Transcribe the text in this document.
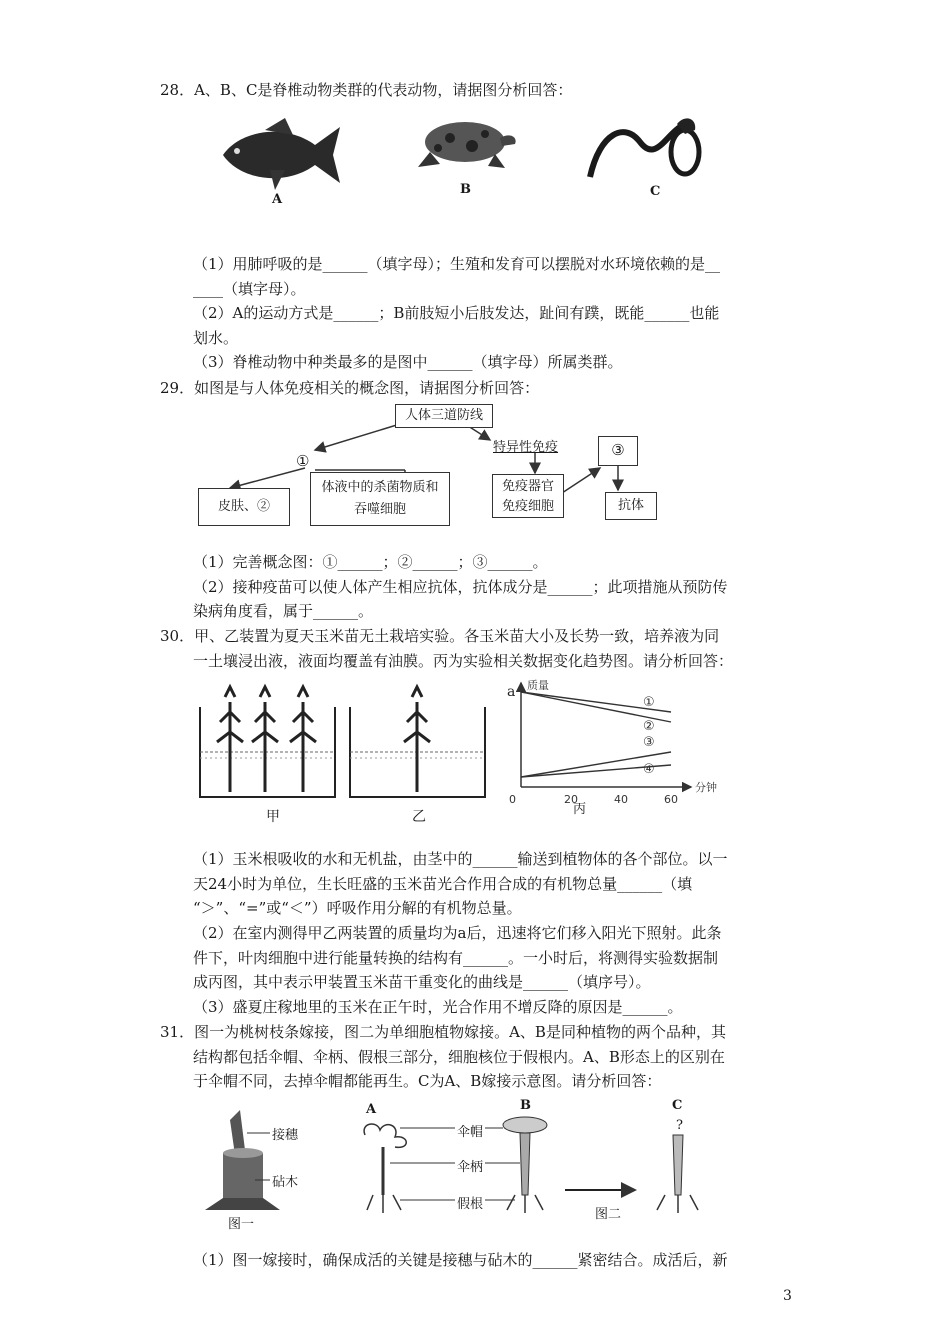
28．A、B、C是脊椎动物类群的代表动物，请据图分析回答：
A
B	C
（1）用肺呼吸的是______（填字母）；生殖和发育可以摆脱对水环境依赖的是__
____（填字母）。
（2）A的运动方式是______；B前肢短小后肢发达，趾间有蹼，既能______也能
划水。
（3）脊椎动物中种类最多的是图中______（填字母）所属类群。
29．如图是与人体免疫相关的概念图，请据图分析回答：
人体三道防线
特异性免疫
①
皮肤、②
体液中的杀菌物质和
吞噬细胞
免疫器官
免疫细胞
③
抗体
（1）完善概念图：①______；②______；③______。
（2）接种疫苗可以使人体产生相应抗体，抗体成分是______；此项措施从预防传
染病角度看，属于______。
30．甲、乙装置为夏天玉米苗无土栽培实验。各玉米苗大小及长势一致，培养液为同
一土壤浸出液，液面均覆盖有油膜。丙为实验相关数据变化趋势图。请分析回答：
甲	乙
质量
分钟
a
0	20	40	60
丙
①
②
③
④
（1）玉米根吸收的水和无机盐，由茎中的______输送到植物体的各个部位。以一
天24小时为单位，生长旺盛的玉米苗光合作用合成的有机物总量______（填
“＞”、“=”或“＜”）呼吸作用分解的有机物总量。
（2）在室内测得甲乙两装置的质量均为a后，迅速将它们移入阳光下照射。此条
件下，叶肉细胞中进行能量转换的结构有______。一小时后，将测得实验数据制
成丙图，其中表示甲装置玉米苗干重变化的曲线是______（填序号）。
（3）盛夏庄稼地里的玉米在正午时，光合作用不增反降的原因是______。
31．图一为桃树枝条嫁接，图二为单细胞植物嫁接。A、B是同种植物的两个品种，其
结构都包括伞帽、伞柄、假根三部分，细胞核位于假根内。A、B形态上的区别在
于伞帽不同，去掉伞帽都能再生。C为A、B嫁接示意图。请分析回答：
接穗
砧木
图一
A	B
伞帽
伞柄
假根
图二
C
?
（1）图一嫁接时，确保成活的关键是接穗与砧木的______紧密结合。成活后，新
3
